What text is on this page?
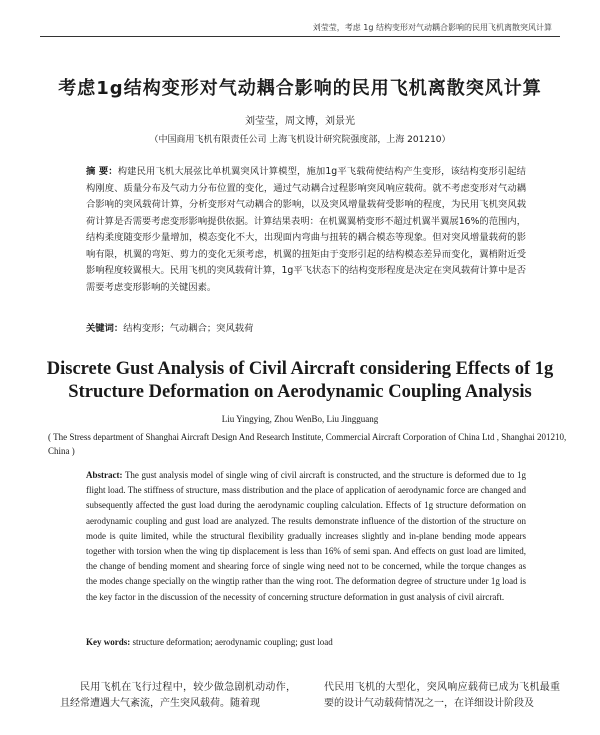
刘莹莹，考虑 1g 结构变形对气动耦合影响的民用飞机离散突风计算
考虑1g结构变形对气动耦合影响的民用飞机离散突风计算
刘莹莹，周文博，刘景光
（中国商用飞机有限责任公司 上海飞机设计研究院强度部，上海 201210）
摘 要：构建民用飞机大展弦比单机翼突风计算模型，施加1g平飞载荷使结构产生变形，该结构变形引起结构刚度、质量分布及气动力分布位置的变化，通过气动耦合过程影响突风响应载荷。就不考虑变形对气动耦合影响的突风载荷计算，分析变形对气动耦合的影响，以及突风增量载荷受影响的程度，为民用飞机突风载荷计算是否需要考虑变形影响提供依据。计算结果表明：在机翼翼梢变形不超过机翼半翼展16%的范围内，结构柔度随变形少量增加，模态变化不大，出现面内弯曲与扭转的耦合模态等现象。但对突风增量载荷的影响有限，机翼的弯矩、剪力的变化无须考虑，机翼的扭矩由于变形引起的结构模态差异而变化，翼梢附近受影响程度较翼根大。民用飞机的突风载荷计算，1g平飞状态下的结构变形程度是决定在突风载荷计算中是否需要考虑变形影响的关键因素。
关键词：结构变形；气动耦合；突风载荷
Discrete Gust Analysis of Civil Aircraft considering Effects of 1g Structure Deformation on Aerodynamic Coupling Analysis
Liu Yingying, Zhou WenBo, Liu Jingguang
( The Stress department of Shanghai Aircraft Design And Research Institute, Commercial Aircraft Corporation of China Ltd , Shanghai 201210, China )
Abstract: The gust analysis model of single wing of civil aircraft is constructed, and the structure is deformed due to 1g flight load. The stiffness of structure, mass distribution and the place of application of aerodynamic force are changed and subsequently affected the gust load during the aerodynamic coupling calculation. Effects of 1g structure deformation on aerodynamic coupling and gust load are analyzed. The results demonstrate influence of the distortion of the structure on mode is quite limited, while the structural flexibility gradually increases slightly and in-plane bending mode appears together with torsion when the wing tip displacement is less than 16% of semi span. And effects on gust load are limited, the change of bending moment and shearing force of single wing need not to be concerned, while the torque changes as the modes change specially on the wingtip rather than the wing root. The deformation degree of structure under 1g load is the key factor in the discussion of the necessity of concerning structure deformation in gust analysis of civil aircraft.
Key words: structure deformation; aerodynamic coupling; gust load
民用飞机在飞行过程中，较少做急剧机动动作，且经常遭遇大气紊流，产生突风载荷。随着现
代民用飞机的大型化，突风响应载荷已成为飞机最重要的设计气动载荷情况之一，在详细设计阶段及
